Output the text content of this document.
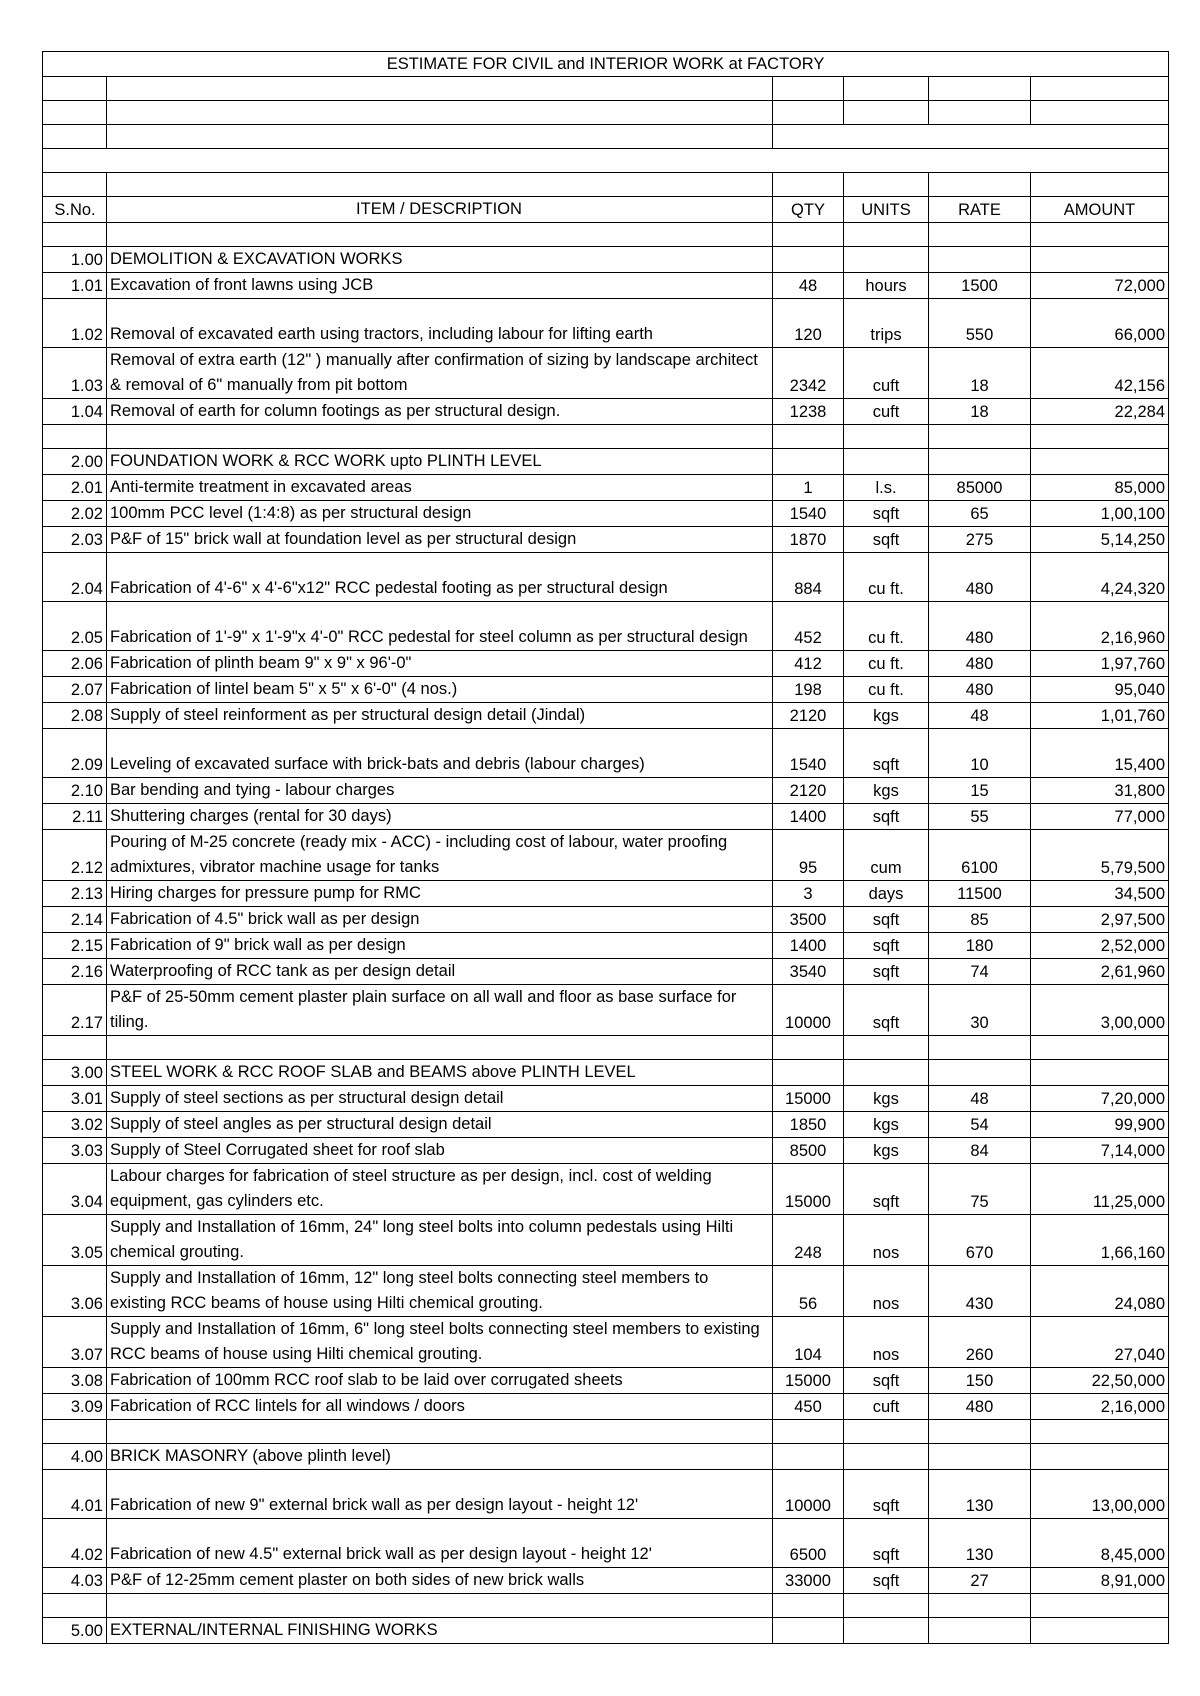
ESTIMATE FOR CIVIL and INTERIOR WORK at FACTORY					

S.No.	ITEM / DESCRIPTION	QTY	UNITS	RATE	AMOUNT

1.00	DEMOLITION & EXCAVATION WORKS				
1.01	Excavation of front lawns using JCB	48	hours	1500	72,000
1.02	Removal of excavated earth using tractors, including labour for lifting earth	120	trips	550	66,000
1.03	Removal of extra earth (12" ) manually after confirmation of sizing by landscape architect & removal of 6" manually from pit bottom	2342	cuft	18	42,156
1.04	Removal of earth for column footings as per structural design.	1238	cuft	18	22,284

2.00	FOUNDATION WORK & RCC WORK upto PLINTH LEVEL				
2.01	Anti-termite treatment in excavated areas	1	l.s.	85000	85,000
2.02	100mm PCC level (1:4:8) as per structural design	1540	sqft	65	1,00,100
2.03	P&F of 15" brick wall at foundation level as per structural design	1870	sqft	275	5,14,250
2.04	Fabrication of 4'-6" x 4'-6"x12" RCC pedestal footing as per structural design	884	cu ft.	480	4,24,320
2.05	Fabrication of 1'-9" x 1'-9"x 4'-0" RCC pedestal for steel column as per structural design	452	cu ft.	480	2,16,960
2.06	Fabrication of plinth beam 9" x 9" x 96'-0"	412	cu ft.	480	1,97,760
2.07	Fabrication of lintel beam 5" x 5" x 6'-0" (4 nos.)	198	cu ft.	480	95,040
2.08	Supply of steel reinforment as per structural design detail (Jindal)	2120	kgs	48	1,01,760
2.09	Leveling of excavated surface with brick-bats and debris (labour charges)	1540	sqft	10	15,400
2.10	Bar bending and tying - labour charges	2120	kgs	15	31,800
2.11	Shuttering charges (rental for 30 days)	1400	sqft	55	77,000
2.12	Pouring of M-25 concrete (ready mix - ACC) - including cost of labour, water proofing admixtures, vibrator machine usage for tanks	95	cum	6100	5,79,500
2.13	Hiring charges for pressure pump for RMC	3	days	11500	34,500
2.14	Fabrication of 4.5" brick wall as per design	3500	sqft	85	2,97,500
2.15	Fabrication of 9" brick wall as per design	1400	sqft	180	2,52,000
2.16	Waterproofing of RCC tank as per design detail	3540	sqft	74	2,61,960
2.17	P&F of 25-50mm cement plaster plain surface on all wall and floor as base surface for tiling.	10000	sqft	30	3,00,000

3.00	STEEL WORK & RCC ROOF SLAB and BEAMS above PLINTH LEVEL				
3.01	Supply of steel sections as per structural design detail	15000	kgs	48	7,20,000
3.02	Supply of steel angles as per structural design detail	1850	kgs	54	99,900
3.03	Supply of Steel Corrugated sheet for roof slab	8500	kgs	84	7,14,000
3.04	Labour charges for fabrication of steel structure as per design, incl. cost of welding equipment, gas cylinders etc.	15000	sqft	75	11,25,000
3.05	Supply and Installation of 16mm, 24" long steel bolts into column pedestals using Hilti chemical grouting.	248	nos	670	1,66,160
3.06	Supply and Installation of 16mm, 12" long steel bolts connecting steel members to existing RCC beams of house using Hilti chemical grouting.	56	nos	430	24,080
3.07	Supply and Installation of 16mm, 6" long steel bolts connecting steel members to existing RCC beams of house using Hilti chemical grouting.	104	nos	260	27,040
3.08	Fabrication of 100mm RCC roof slab to be laid over corrugated sheets	15000	sqft	150	22,50,000
3.09	Fabrication of RCC lintels for all windows / doors	450	cuft	480	2,16,000

4.00	BRICK MASONRY (above plinth level)				
4.01	Fabrication of new 9" external brick wall as per design layout - height 12'	10000	sqft	130	13,00,000
4.02	Fabrication of new 4.5" external brick wall as per design layout - height 12'	6500	sqft	130	8,45,000
4.03	P&F of 12-25mm cement plaster on both sides of new brick walls	33000	sqft	27	8,91,000

5.00	EXTERNAL/INTERNAL FINISHING WORKS				
